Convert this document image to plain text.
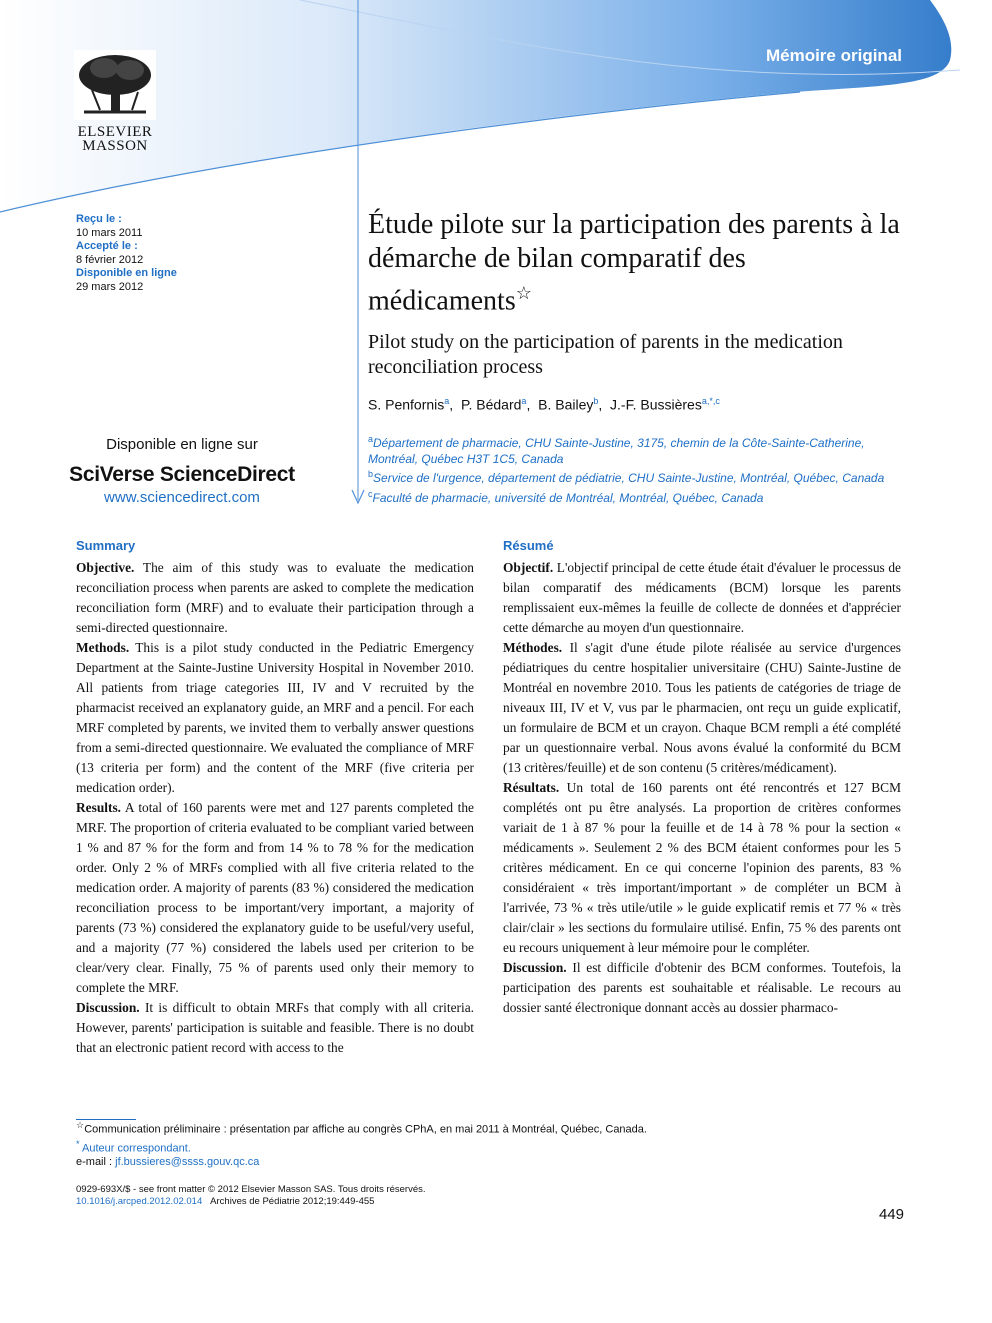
Mémoire original
ELSEVIER
MASSON
Reçu le :
10 mars 2011
Accepté le :
8 février 2012
Disponible en ligne
29 mars 2012
Disponible en ligne sur
SciVerse ScienceDirect
www.sciencedirect.com
Étude pilote sur la participation des parents à la démarche de bilan comparatif des médicaments☆
Pilot study on the participation of parents in the medication reconciliation process
S. Penfornis$^a$,  P. Bédard$^a$,  B. Bailey$^b$,  J.-F. Bussières$^{a,*,c}$
$^a$Département de pharmacie, CHU Sainte-Justine, 3175, chemin de la Côte-Sainte-Catherine, Montréal, Québec H3T 1C5, Canada
$^b$Service de l'urgence, département de pédiatrie, CHU Sainte-Justine, Montréal, Québec, Canada
$^c$Faculté de pharmacie, université de Montréal, Montréal, Québec, Canada
Summary

Objective. The aim of this study was to evaluate the medication reconciliation process when parents are asked to complete the medication reconciliation form (MRF) and to evaluate their participation through a semi-directed questionnaire.

Methods. This is a pilot study conducted in the Pediatric Emergency Department at the Sainte-Justine University Hospital in November 2010. All patients from triage categories III, IV and V recruited by the pharmacist received an explanatory guide, an MRF and a pencil. For each MRF completed by parents, we invited them to verbally answer questions from a semi-directed questionnaire. We evaluated the compliance of MRF (13 criteria per form) and the content of the MRF (five criteria per medication order).

Results. A total of 160 parents were met and 127 parents completed the MRF. The proportion of criteria evaluated to be compliant varied between 1 % and 87 % for the form and from 14 % to 78 % for the medication order. Only 2 % of MRFs complied with all five criteria related to the medication order. A majority of parents (83 %) considered the medication reconciliation process to be important/very important, a majority of parents (73 %) considered the explanatory guide to be useful/very useful, and a majority (77 %) considered the labels used per criterion to be clear/very clear. Finally, 75 % of parents used only their memory to complete the MRF.

Discussion. It is difficult to obtain MRFs that comply with all criteria. However, parents' participation is suitable and feasible. There is no doubt that an electronic patient record with access to the

Résumé

Objectif. L'objectif principal de cette étude était d'évaluer le processus de bilan comparatif des médicaments (BCM) lorsque les parents remplissaient eux-mêmes la feuille de collecte de données et d'apprécier cette démarche au moyen d'un questionnaire.

Méthodes. Il s'agit d'une étude pilote réalisée au service d'urgences pédiatriques du centre hospitalier universitaire (CHU) Sainte-Justine de Montréal en novembre 2010. Tous les patients de catégories de triage de niveaux III, IV et V, vus par le pharmacien, ont reçu un guide explicatif, un formulaire de BCM et un crayon. Chaque BCM rempli a été complété par un questionnaire verbal. Nous avons évalué la conformité du BCM (13 critères/feuille) et de son contenu (5 critères/médicament).

Résultats. Un total de 160 parents ont été rencontrés et 127 BCM complétés ont pu être analysés. La proportion de critères conformes variait de 1 à 87 % pour la feuille et de 14 à 78 % pour la section « médicaments ». Seulement 2 % des BCM étaient conformes pour les 5 critères médicament. En ce qui concerne l'opinion des parents, 83 % considéraient « très important/important » de compléter un BCM à l'arrivée, 73 % « très utile/utile » le guide explicatif remis et 77 % « très clair/clair » les sections du formulaire utilisé. Enfin, 75 % des parents ont eu recours uniquement à leur mémoire pour le compléter.

Discussion. Il est difficile d'obtenir des BCM conformes. Toutefois, la participation des parents est souhaitable et réalisable. Le recours au dossier santé électronique donnant accès au dossier pharmaco-

☆Communication préliminaire : présentation par affiche au congrès CPhA, en mai 2011 à Montréal, Québec, Canada.
* Auteur correspondant.
e-mail : jf.bussieres@ssss.gouv.qc.ca
0929-693X/$ - see front matter © 2012 Elsevier Masson SAS. Tous droits réservés.
10.1016/j.arcped.2012.02.014 Archives de Pédiatrie 2012;19:449-455
449
